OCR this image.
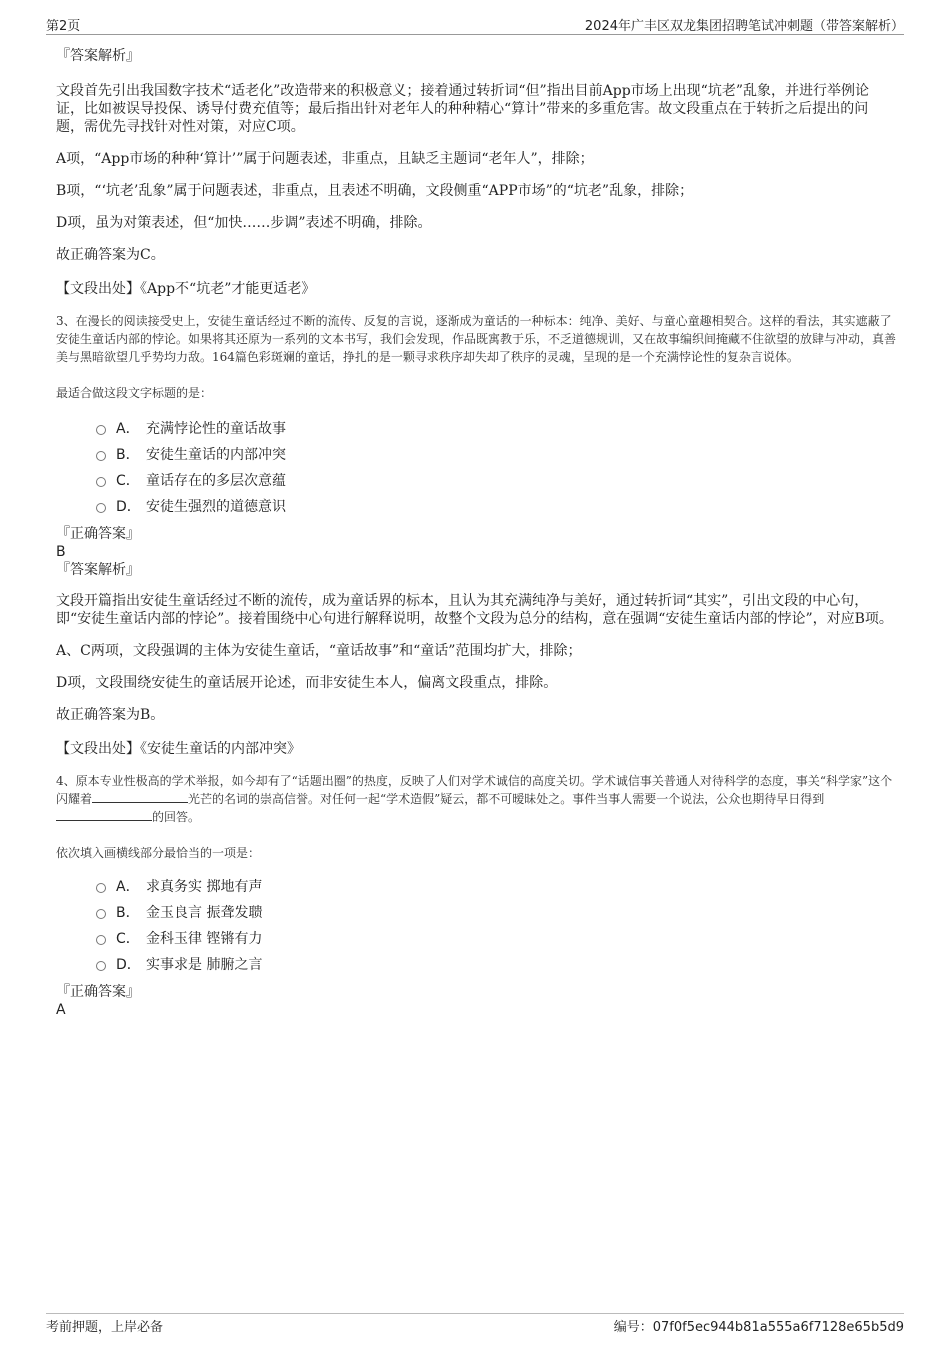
第2页	2024年广丰区双龙集团招聘笔试冲刺题（带答案解析）

『答案解析』

文段首先引出我国数字技术“适老化”改造带来的积极意义；接着通过转折词“但”指出目前App市场上出现“坑老”乱象，并进行举例论证，比如被误导投保、诱导付费充值等；最后指出针对老年人的种种精心“算计”带来的多重危害。故文段重点在于转折之后提出的问题，需优先寻找针对性对策，对应C项。

A项，“App市场的种种‘算计’”属于问题表述，非重点，且缺乏主题词“老年人”，排除；

B项，“‘坑老’乱象”属于问题表述，非重点，且表述不明确，文段侧重“APP市场”的“坑老”乱象，排除；

D项，虽为对策表述，但“加快……步调”表述不明确，排除。

故正确答案为C。

【文段出处】《App不“坑老”才能更适老》

3、在漫长的阅读接受史上，安徒生童话经过不断的流传、反复的言说，逐渐成为童话的一种标本：纯净、美好、与童心童趣相契合。这样的看法，其实遮蔽了安徒生童话内部的悖论。如果将其还原为一系列的文本书写，我们会发现，作品既寓教于乐，不乏道德规训，又在故事编织间掩藏不住欲望的放肆与冲动，真善美与黑暗欲望几乎势均力敌。164篇色彩斑斓的童话，挣扎的是一颗寻求秩序却失却了秩序的灵魂，呈现的是一个充满悖论性的复杂言说体。

最适合做这段文字标题的是：

A． 充满悖论性的童话故事
B． 安徒生童话的内部冲突
C． 童话存在的多层次意蕴
D． 安徒生强烈的道德意识

『正确答案』

B

『答案解析』

文段开篇指出安徒生童话经过不断的流传，成为童话界的标本，且认为其充满纯净与美好，通过转折词“其实”，引出文段的中心句，即“安徒生童话内部的悖论”。接着围绕中心句进行解释说明，故整个文段为总分的结构，意在强调“安徒生童话内部的悖论”，对应B项。

A、C两项，文段强调的主体为安徒生童话，“童话故事”和“童话”范围均扩大，排除；

D项，文段围绕安徒生的童话展开论述，而非安徒生本人，偏离文段重点，排除。

故正确答案为B。

【文段出处】《安徒生童话的内部冲突》

4、原本专业性极高的学术举报，如今却有了“话题出圈”的热度，反映了人们对学术诚信的高度关切。学术诚信事关普通人对待科学的态度，事关“科学家”这个闪耀着	光芒的名词的崇高信誉。对任何一起“学术造假”疑云，都不可暧昧处之。事件当事人需要一个说法，公众也期待早日得到的回答。

依次填入画横线部分最恰当的一项是：

A． 求真务实 掷地有声
B． 金玉良言 振聋发聩
C． 金科玉律 铿锵有力
D． 实事求是 肺腑之言

『正确答案』

A

考前押题，上岸必备	编号：07f0f5ec944b81a555a6f7128e65b5d9
